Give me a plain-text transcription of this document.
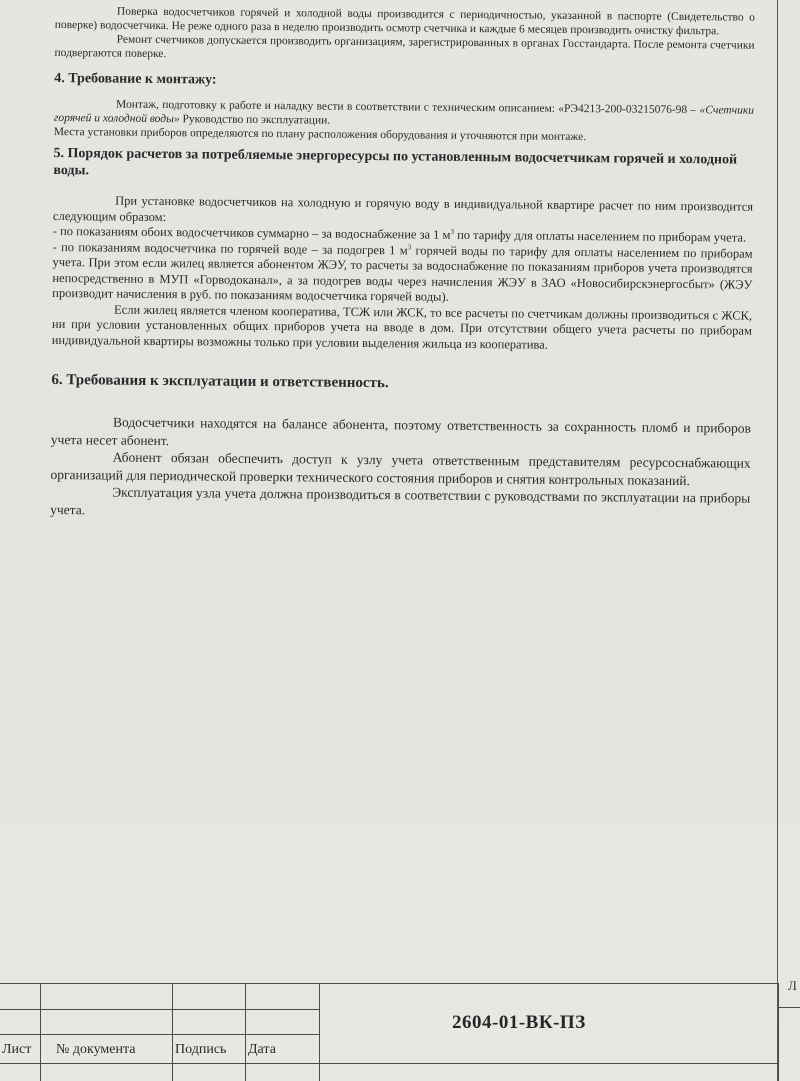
Поверка водосчетчиков горячей и холодной воды производится с периодичностью, указанной в паспорте (Свидетельство о поверке) водосчетчика. Не реже одного раза в неделю производить осмотр счетчика и каждые 6 месяцев производить очистку фильтра.

Ремонт счетчиков допускается производить организациям, зарегистрированных в органах Госстандарта. После ремонта счетчики подвергаются поверке.

4. Требование к монтажу:

Монтаж, подготовку к работе и наладку вести в соответствии с техническим описанием: «РЭ4213-200-03215076-98 – «Счетчики горячей и холодной воды» Руководство по эксплуатации.

Места установки приборов определяются по плану расположения оборудования и уточняются при монтаже.

5. Порядок расчетов за потребляемые энергоресурсы по установленным водосчетчикам горячей и холодной воды.

При установке водосчетчиков на холодную и горячую воду в индивидуальной квартире расчет по ним производится следующим образом:

- по показаниям обоих водосчетчиков суммарно – за водоснабжение за 1 $м^3$ по тарифу для оплаты населением по приборам учета.

- по показаниям водосчетчика по горячей воде – за подогрев 1 $м^3$ горячей воды по тарифу для оплаты населением по приборам учета. При этом если жилец является абонентом ЖЭУ, то расчеты за водоснабжение по показаниям приборов учета производятся непосредственно в МУП «Горводоканал», а за подогрев воды через начисления ЖЭУ в ЗАО «Новосибирскэнергосбыт» (ЖЭУ производит начисления в руб. по показаниям водосчетчика горячей воды).

Если жилец является членом кооператива, ТСЖ или ЖСК, то все расчеты по счетчикам должны производиться с ЖСК, ни при условии установленных общих приборов учета на вводе в дом. При отсутствии общего учета расчеты по приборам индивидуальной квартиры возможны только при условии выделения жильца из кооператива.

6. Требования к эксплуатации и ответственность.

Водосчетчики находятся на балансе абонента, поэтому ответственность за сохранность пломб и приборов учета несет абонент.

Абонент обязан обеспечить доступ к узлу учета ответственным представителям ресурсоснабжающих организаций для периодической проверки технического состояния приборов и снятия контрольных показаний.

Эксплуатация узла учета должна производиться в соответствии с руководствами по эксплуатации на приборы учета.

Лист № документа	Подпись Дата
2604-01-ВК-ПЗ
Л
